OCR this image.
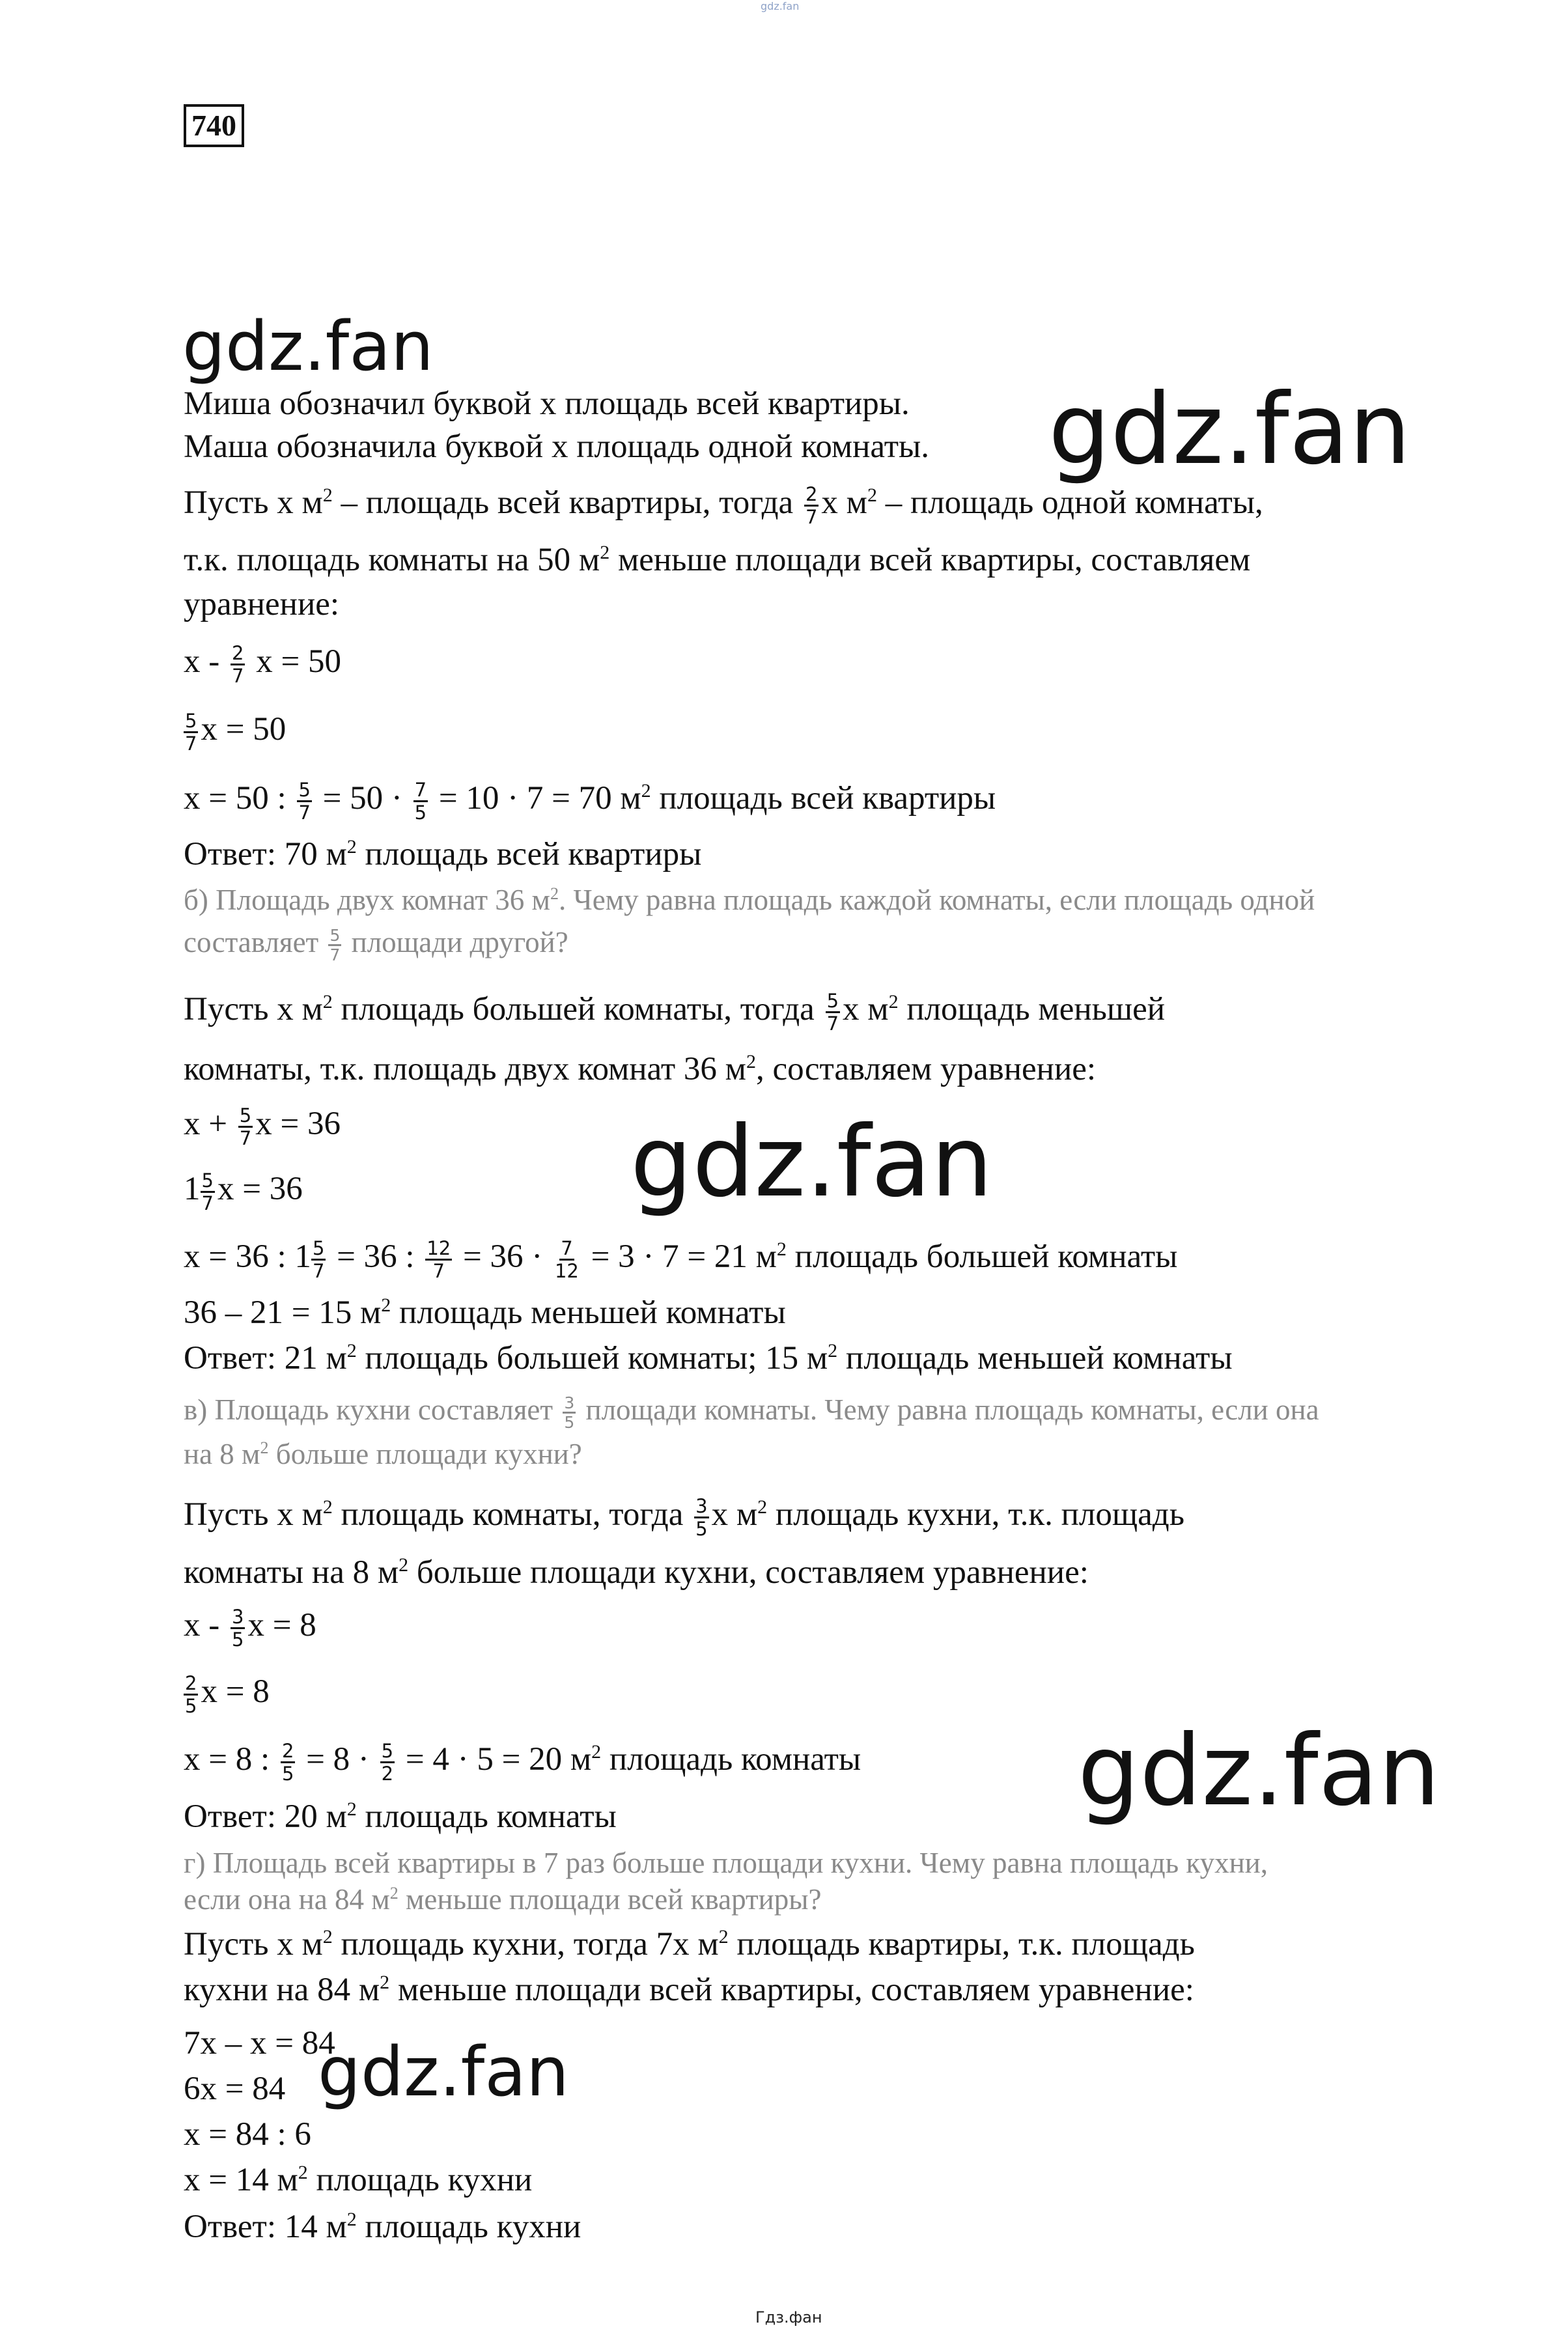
gdz.fan
740
gdz.fan
gdz.fan
gdz.fan
gdz.fan
gdz.fan
Миша обозначил буквой х площадь всей квартиры.
Маша обозначила буквой х площадь одной комнаты.
Пусть х $м^2$ – площадь всей квартиры, тогда $\frac{2}{7}$ х $м^2$ – площадь одной комнаты,
т.к. площадь комнаты на 50 $м^2$ меньше площади всей квартиры, составляем
уравнение:
х - $\frac{2}{7}$ х = 50
$\frac{5}{7}$ х = 50
х = 50 : $\frac{5}{7} = 50 \cdot \frac{7}{5} = 10 \cdot 7 = 70$ $м^2$ площадь всей квартиры
Ответ: 70 $м^2$ площадь всей квартиры
б) Площадь двух комнат 36 $м^2$. Чему равна площадь каждой комнаты, если площадь одной
составляет $\frac{5}{7}$ площади другой?
Пусть х $м^2$ площадь большей комнаты, тогда $\frac{5}{7}$ х $м^2$ площадь меньшей
комнаты, т.к. площадь двух комнат 36 $м^2$, составляем уравнение:
$х + \frac{5}{7}$ х = 36
$1 \frac{5}{7}$ х = 36
х = 36 : $1 \frac{5}{7} = 36$ : $\frac{12}{7} = 36 \cdot \frac{7}{12} = 3 \cdot 7 = 21$ $м^2$ площадь большей комнаты
36 – 21 = 15 $м^2$ площадь меньшей комнаты
Ответ: 21 $м^2$ площадь большей комнаты; 15 $м^2$ площадь меньшей комнаты
в) Площадь кухни составляет $\frac{3}{5}$ площади комнаты. Чему равна площадь комнаты, если она
на 8 $м^2$ больше площади кухни?
Пусть х $м^2$ площадь комнаты, тогда $\frac{3}{5}$ х $м^2$ площадь кухни, т.к. площадь
комнаты на 8 $м^2$ больше площади кухни, составляем уравнение:
х - $\frac{3}{5}$ х = 8
$\frac{2}{5}$ х = 8
х = 8 : $\frac{2}{5} = 8 \cdot \frac{5}{2} = 4 \cdot 5 = 20$ $м^2$ площадь комнаты
Ответ: 20 $м^2$ площадь комнаты
г) Площадь всей квартиры в 7 раз больше площади кухни. Чему равна площадь кухни,
если она на 84 $м^2$ меньше площади всей квартиры?
Пусть х $м^2$ площадь кухни, тогда 7х $м^2$ площадь квартиры, т.к. площадь
кухни на 84 $м^2$ меньше площади всей квартиры, составляем уравнение:
7х – х = 84
6х = 84
х = 84 : 6
х = 14 $м^2$ площадь кухни
Ответ: 14 $м^2$ площадь кухни
Гдз.фан
